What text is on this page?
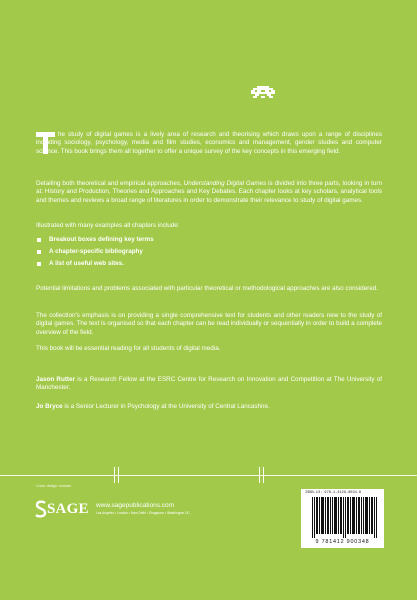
he study of digital games is a lively area of research and theorising which draws upon a range of disciplines including sociology, psychology, media and film studies, economics and management, gender studies and computer science. This book brings them all together to offer a unique survey of the key concepts in this emerging field.

Detailing both theoretical and empirical approaches, Understanding Digital Games is divided into three parts, looking in turn at: History and Production, Theories and Approaches and Key Debates. Each chapter looks at key scholars, analytical tools and themes and reviews a broad range of literatures in order to demonstrate their relevance to study of digital games.

Illustrated with many examples all chapters include:

Breakout boxes defining key terms
A chapter-specific bibliography
A list of useful web sites.

Potential limitations and problems associated with particular theoretical or methodological approaches are also considered.

The collection's emphasis is on providing a single comprehensive text for students and other readers new to the study of digital games. The text is organised so that each chapter can be read individually or sequentially in order to build a complete overview of the field.

This book will be essential reading for all students of digital media.

Jason Rutter is a Research Fellow at the ESRC Centre for Research on Innovation and Competition at The University of Manchester.

Jo Bryce is a Senior Lecturer in Psychology at the University of Central Lancashire.

Cover design: Iceman
SAGE www.sagepublications.com
Los Angeles • London • New Delhi • Singapore • Washington DC
ISBN-13: 978-1-4129-0034-8
9 781412 900348
